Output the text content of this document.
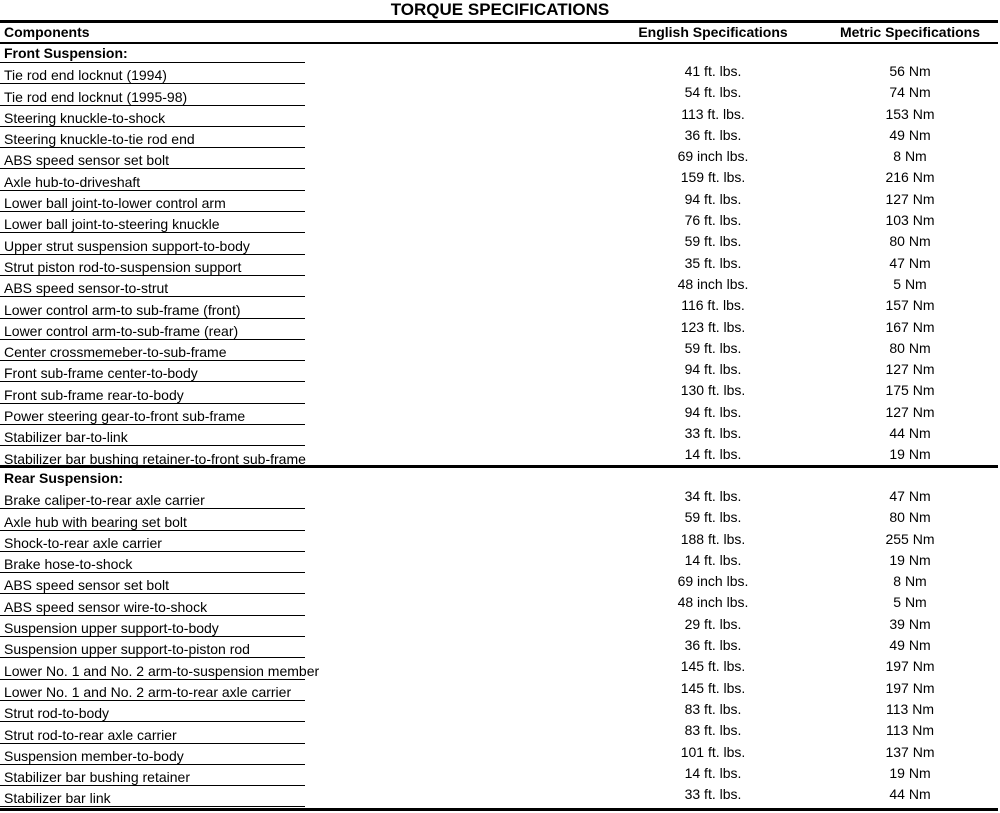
TORQUE SPECIFICATIONS
Components	English Specifications	Metric Specifications
Front Suspension:
Tie rod end locknut (1994)	41 ft. lbs.	56 Nm
Tie rod end locknut (1995-98)	54 ft. lbs.	74 Nm
Steering knuckle-to-shock	113 ft. lbs.	153 Nm
Steering knuckle-to-tie rod end	36 ft. lbs.	49 Nm
ABS speed sensor set bolt	69 inch lbs.	8 Nm
Axle hub-to-driveshaft	159 ft. lbs.	216 Nm
Lower ball joint-to-lower control arm	94 ft. lbs.	127 Nm
Lower ball joint-to-steering knuckle	76 ft. lbs.	103 Nm
Upper strut suspension support-to-body	59 ft. lbs.	80 Nm
Strut piston rod-to-suspension support	35 ft. lbs.	47 Nm
ABS speed sensor-to-strut	48 inch lbs.	5 Nm
Lower control arm-to sub-frame (front)	116 ft. lbs.	157 Nm
Lower control arm-to-sub-frame (rear)	123 ft. lbs.	167 Nm
Center crossmemeber-to-sub-frame	59 ft. lbs.	80 Nm
Front sub-frame center-to-body	94 ft. lbs.	127 Nm
Front sub-frame rear-to-body	130 ft. lbs.	175 Nm
Power steering gear-to-front sub-frame	94 ft. lbs.	127 Nm
Stabilizer bar-to-link	33 ft. lbs.	44 Nm
Stabilizer bar bushing retainer-to-front sub-frame	14 ft. lbs.	19 Nm
Rear Suspension:
Brake caliper-to-rear axle carrier	34 ft. lbs.	47 Nm
Axle hub with bearing set bolt	59 ft. lbs.	80 Nm
Shock-to-rear axle carrier	188 ft. lbs.	255 Nm
Brake hose-to-shock	14 ft. lbs.	19 Nm
ABS speed sensor set bolt	69 inch lbs.	8 Nm
ABS speed sensor wire-to-shock	48 inch lbs.	5 Nm
Suspension upper support-to-body	29 ft. lbs.	39 Nm
Suspension upper support-to-piston rod	36 ft. lbs.	49 Nm
Lower No. 1 and No. 2 arm-to-suspension member	145 ft. lbs.	197 Nm
Lower No. 1 and No. 2 arm-to-rear axle carrier	145 ft. lbs.	197 Nm
Strut rod-to-body	83 ft. lbs.	113 Nm
Strut rod-to-rear axle carrier	83 ft. lbs.	113 Nm
Suspension member-to-body	101 ft. lbs.	137 Nm
Stabilizer bar bushing retainer	14 ft. lbs.	19 Nm
Stabilizer bar link	33 ft. lbs.	44 Nm
